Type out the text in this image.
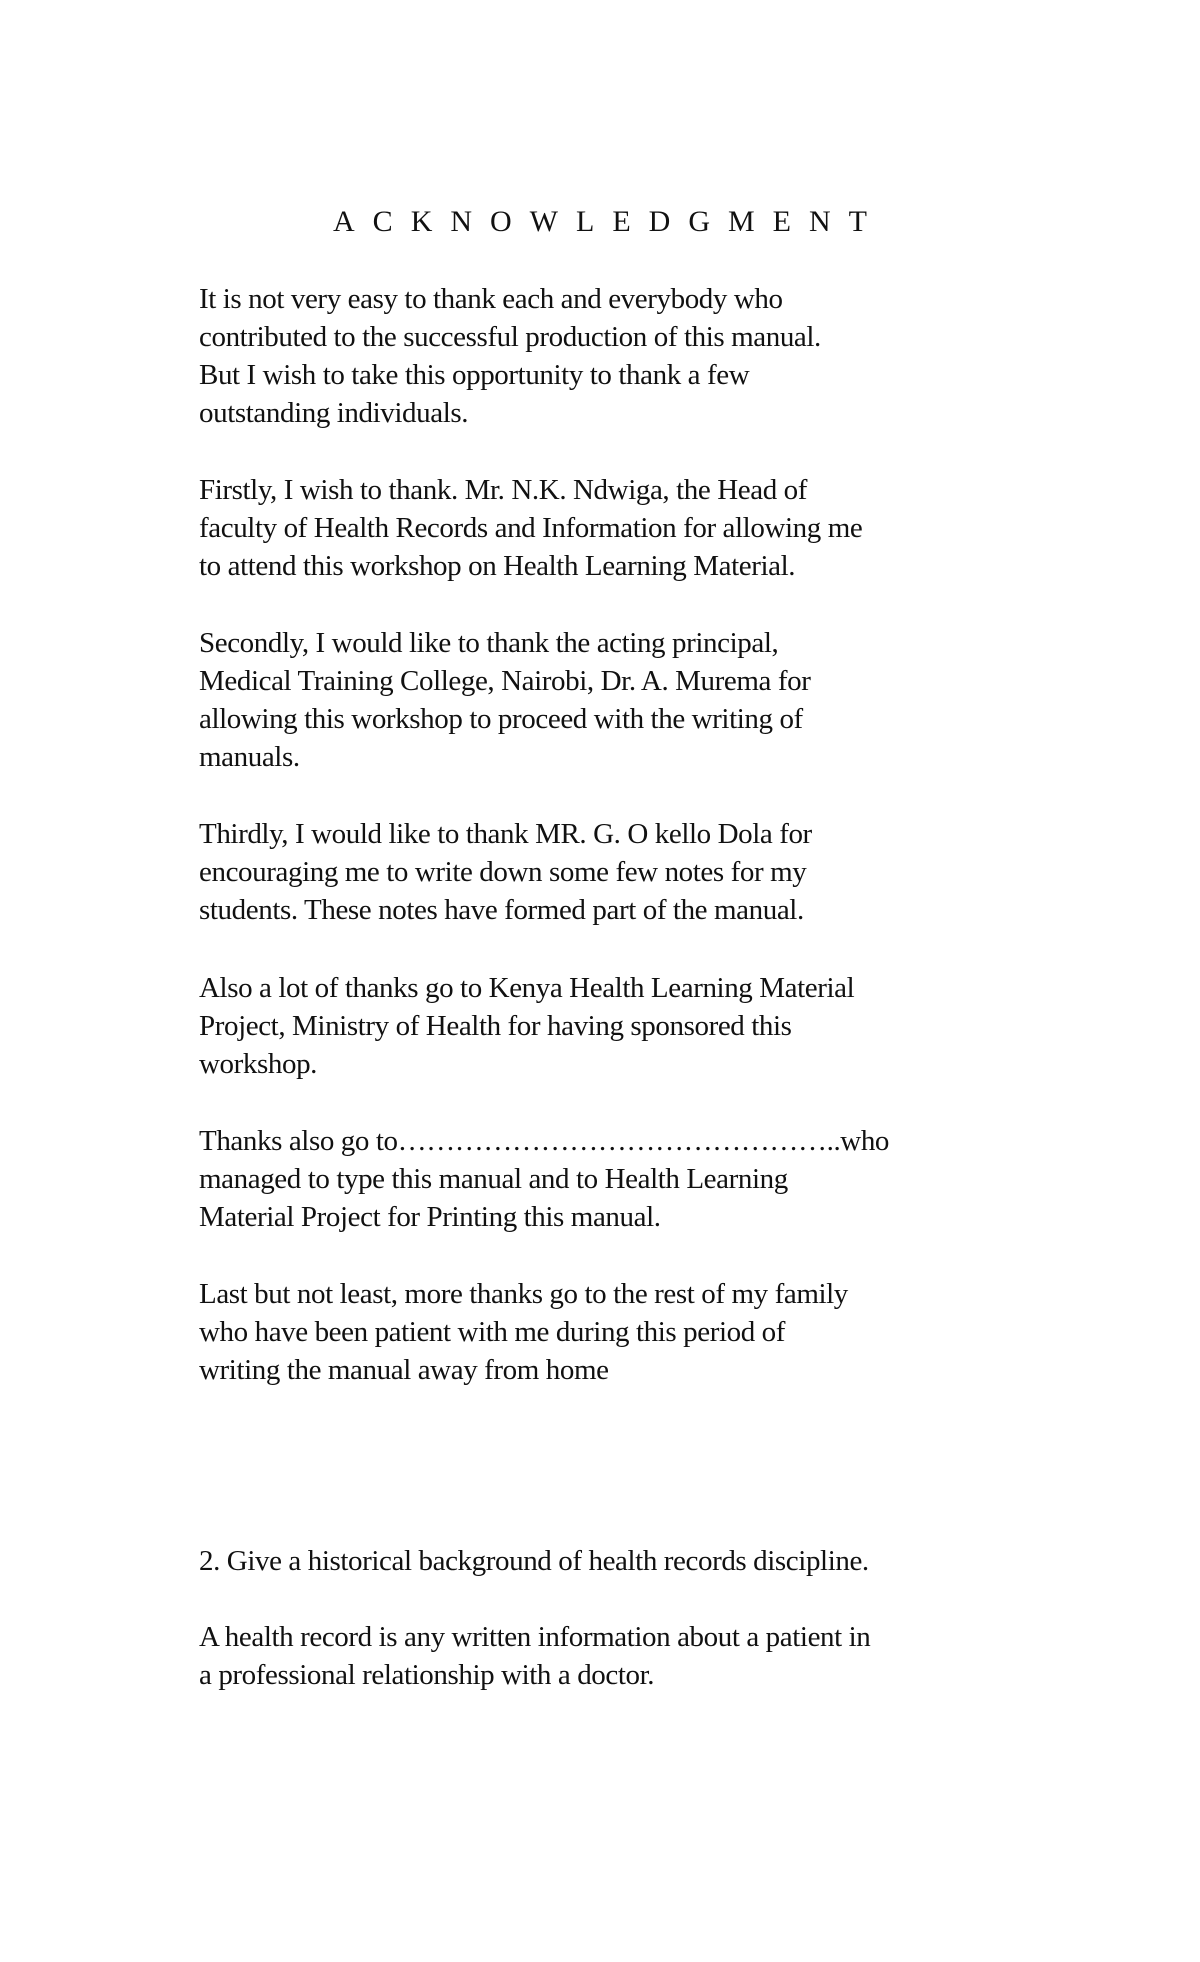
ACKNOWLEDGMENT

It is not very easy to thank each and everybody who
contributed to the successful production of this manual.
But I wish to take this opportunity to thank a few
outstanding individuals.

Firstly, I wish to thank. Mr. N.K. Ndwiga, the Head of
faculty of Health Records and Information for allowing me
to attend this workshop on Health Learning Material.

Secondly, I would like to thank the acting principal,
Medical Training College, Nairobi, Dr. A. Murema for
allowing this workshop to proceed with the writing of
manuals.

Thirdly, I would like to thank MR. G. O kello Dola for
encouraging me to write down some few notes for my
students. These notes have formed part of the manual.

Also a lot of thanks go to Kenya Health Learning Material
Project, Ministry of Health for having sponsored this
workshop.

Thanks also go to………………………………………..who
managed to type this manual and to Health Learning
Material Project for Printing this manual.

Last but not least, more thanks go to the rest of my family
who have been patient with me during this period of
writing the manual away from home

2. Give a historical background of health records discipline.

A health record is any written information about a patient in
a professional relationship with a doctor.
